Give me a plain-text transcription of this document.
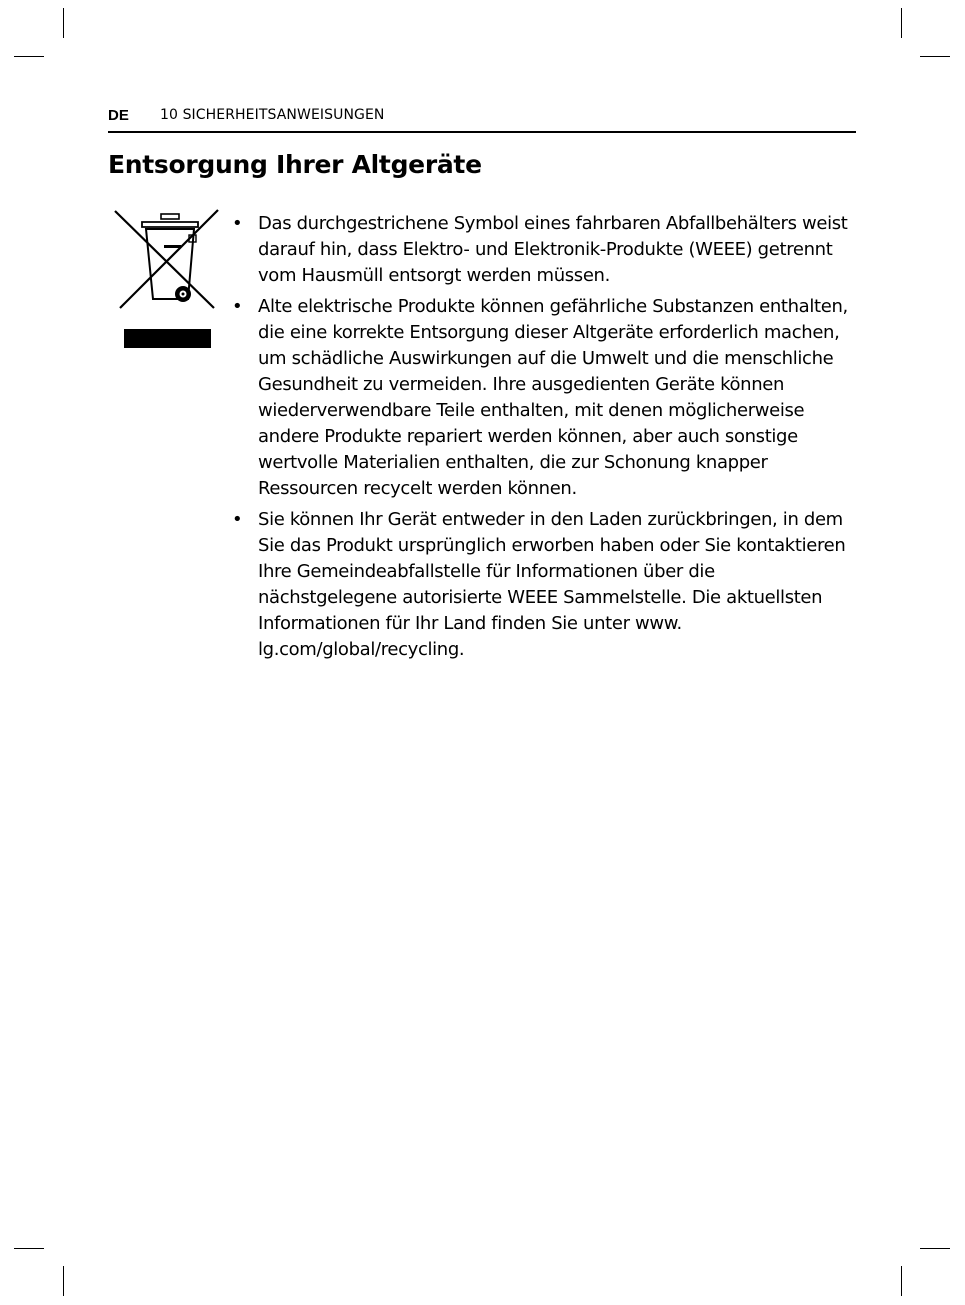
DE	10 SICHERHEITSANWEISUNGEN
Entsorgung Ihrer Altgeräte
• Das durchgestrichene Symbol eines fahrbaren Abfallbehälters weist darauf hin, dass Elektro- und Elektronik-Produkte (WEEE) getrennt vom Hausmüll entsorgt werden müssen.
• Alte elektrische Produkte können gefährliche Substanzen enthalten, die eine korrekte Entsorgung dieser Altgeräte erforderlich machen, um schädliche Auswirkungen auf die Umwelt und die menschliche Gesundheit zu vermeiden. Ihre ausgedienten Geräte können wiederverwendbare Teile enthalten, mit denen möglicherweise andere Produkte repariert werden können, aber auch sonstige wertvolle Materialien enthalten, die zur Schonung knapper Ressourcen recycelt werden können.
• Sie können Ihr Gerät entweder in den Laden zurückbringen, in dem Sie das Produkt ursprünglich erworben haben oder Sie kontaktieren Ihre Gemeindeabfallstelle für Informationen über die nächstgelegene autorisierte WEEE Sammelstelle. Die aktuellsten Informationen für Ihr Land finden Sie unter www. lg.com/global/recycling.
